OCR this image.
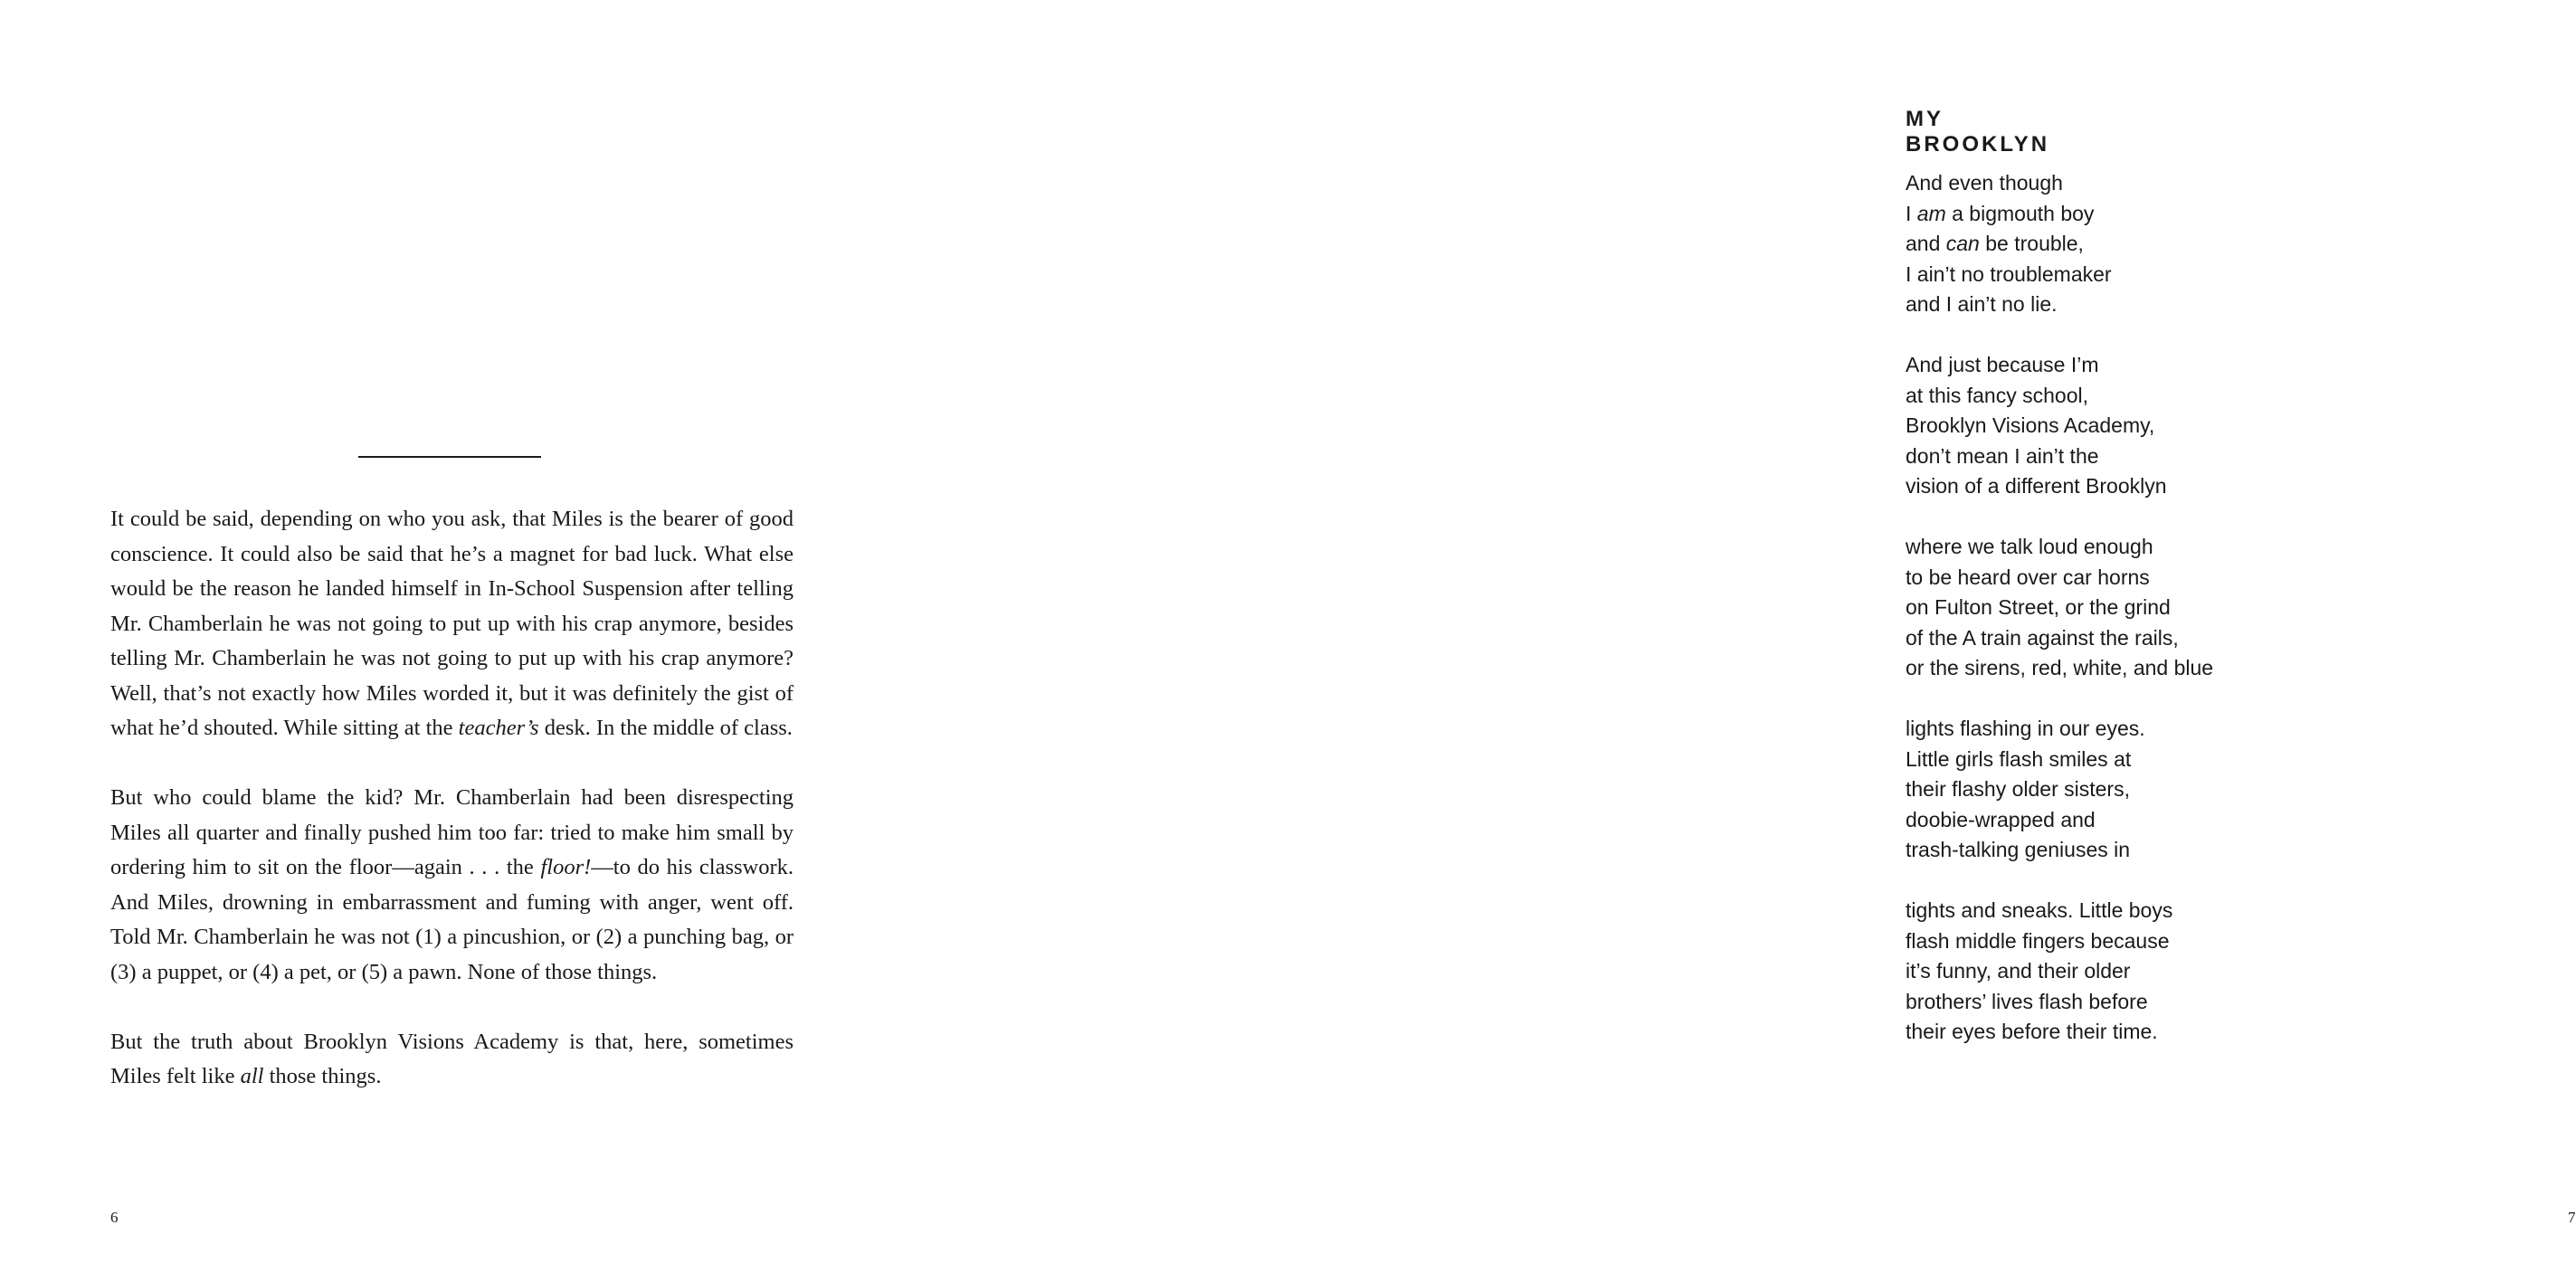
It could be said, depending on who you ask, that Miles is the bearer of good conscience. It could also be said that he’s a magnet for bad luck. What else would be the reason he landed himself in In-School Suspension after telling Mr. Chamberlain he was not going to put up with his crap anymore, besides telling Mr. Chamberlain he was not going to put up with his crap anymore? Well, that’s not exactly how Miles worded it, but it was definitely the gist of what he’d shouted. While sitting at the teacher’s desk. In the middle of class.

But who could blame the kid? Mr. Chamberlain had been disrespecting Miles all quarter and finally pushed him too far: tried to make him small by ordering him to sit on the floor—again . . . the floor!—to do his classwork. And Miles, drowning in embarrassment and fuming with anger, went off. Told Mr. Chamberlain he was not (1) a pincushion, or (2) a punching bag, or (3) a puppet, or (4) a pet, or (5) a pawn. None of those things.

But the truth about Brooklyn Visions Academy is that, here, sometimes Miles felt like all those things.

6
MY BROOKLYN
And even though
I am a bigmouth boy
and can be trouble,
I ain’t no troublemaker
and I ain’t no lie.
And just because I’m
at this fancy school,
Brooklyn Visions Academy,
don’t mean I ain’t the
vision of a different Brooklyn
where we talk loud enough
to be heard over car horns
on Fulton Street, or the grind
of the A train against the rails,
or the sirens, red, white, and blue
lights flashing in our eyes.
Little girls flash smiles at
their flashy older sisters,
doobie-wrapped and
trash-talking geniuses in
tights and sneaks. Little boys
flash middle fingers because
it’s funny, and their older
brothers’ lives flash before
their eyes before their time.
7
